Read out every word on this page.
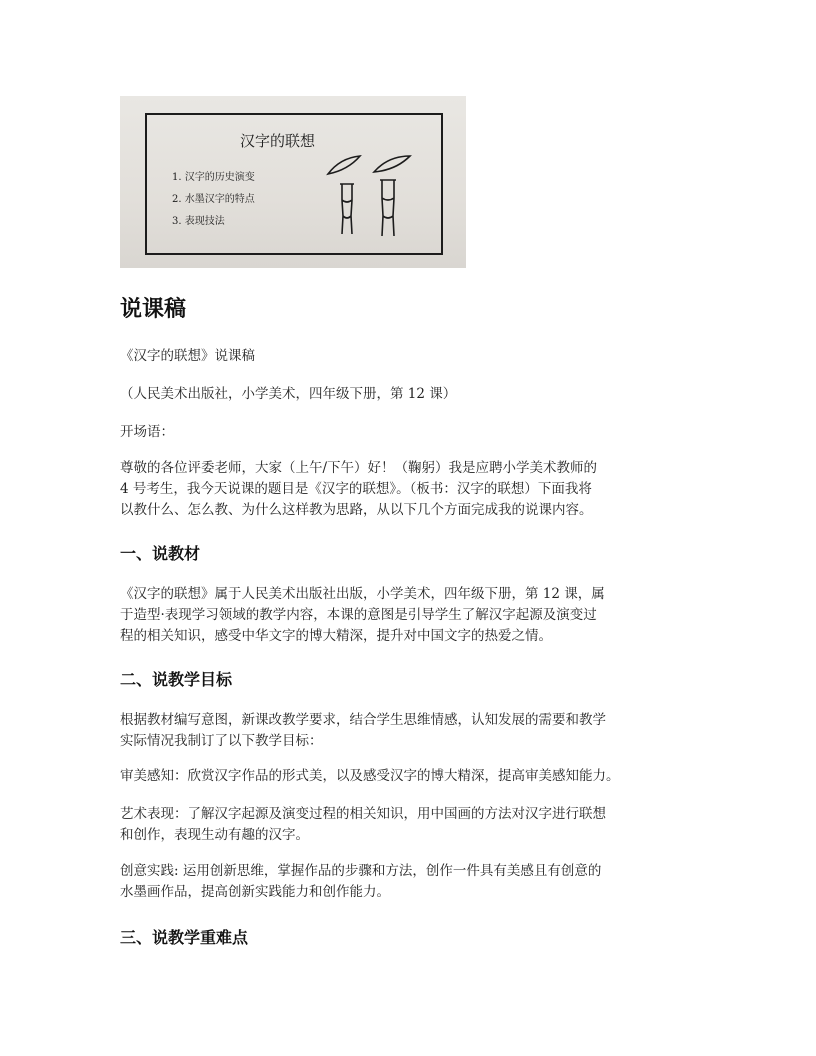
汉字的联想
1. 汉字的历史演变
2. 水墨汉字的特点
3. 表现技法
说课稿
《汉字的联想》说课稿
（人民美术出版社，小学美术，四年级下册，第 12 课）
开场语：
尊敬的各位评委老师，大家（上午/下午）好！（鞠躬）我是应聘小学美术教师的
4 号考生，我今天说课的题目是《汉字的联想》。（板书：汉字的联想）下面我将
以教什么、怎么教、为什么这样教为思路，从以下几个方面完成我的说课内容。
一、说教材
《汉字的联想》属于人民美术出版社出版，小学美术，四年级下册，第 12 课，属
于造型·表现学习领域的教学内容，本课的意图是引导学生了解汉字起源及演变过
程的相关知识，感受中华文字的博大精深，提升对中国文字的热爱之情。
二、说教学目标
根据教材编写意图，新课改教学要求，结合学生思维情感，认知发展的需要和教学
实际情况我制订了以下教学目标：
审美感知：欣赏汉字作品的形式美，以及感受汉字的博大精深，提高审美感知能力。
艺术表现：了解汉字起源及演变过程的相关知识，用中国画的方法对汉字进行联想
和创作，表现生动有趣的汉字。
创意实践: 运用创新思维，掌握作品的步骤和方法，创作一件具有美感且有创意的
水墨画作品，提高创新实践能力和创作能力。
三、说教学重难点
